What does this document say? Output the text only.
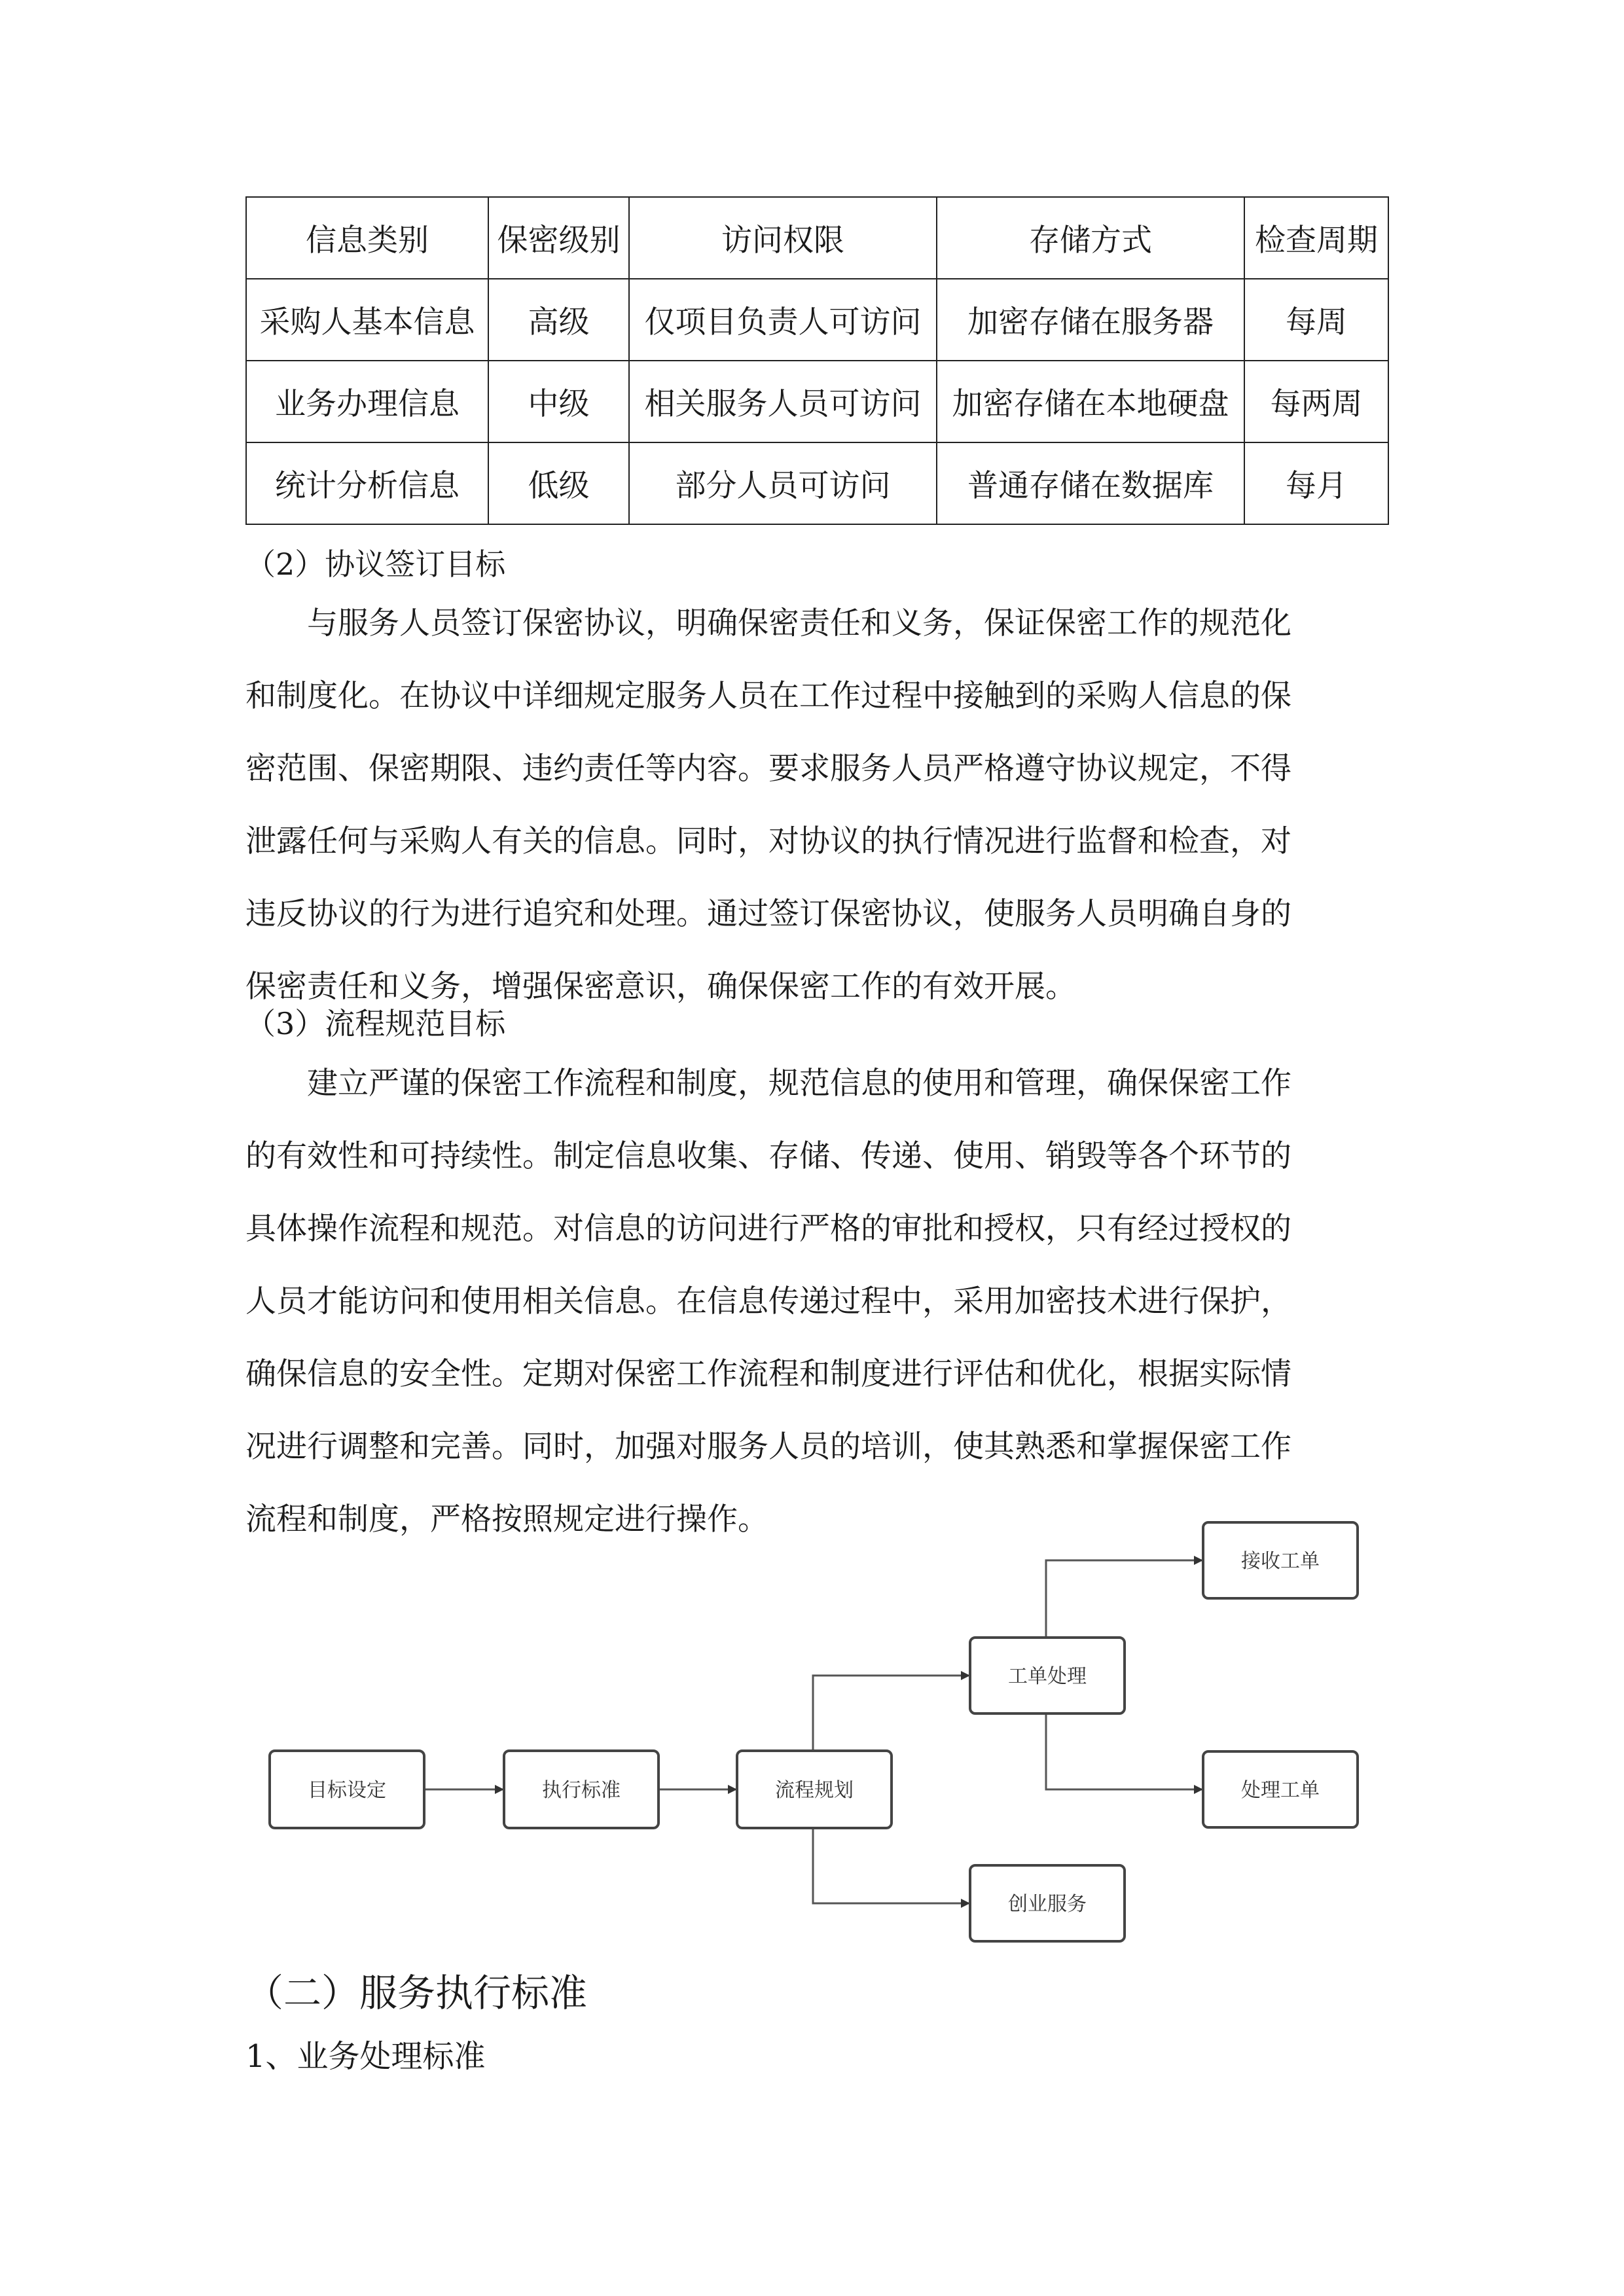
信息类别	保密级别	访问权限	存储方式	检查周期
采购人基本信息	高级	仅项目负责人可访问	加密存储在服务器	每周
业务办理信息	中级	相关服务人员可访问	加密存储在本地硬盘	每两周
统计分析信息	低级	部分人员可访问	普通存储在数据库	每月
（2）协议签订目标
与服务人员签订保密协议，明确保密责任和义务，保证保密工作的规范化
和制度化。在协议中详细规定服务人员在工作过程中接触到的采购人信息的保
密范围、保密期限、违约责任等内容。要求服务人员严格遵守协议规定，不得
泄露任何与采购人有关的信息。同时，对协议的执行情况进行监督和检查，对
违反协议的行为进行追究和处理。通过签订保密协议，使服务人员明确自身的
保密责任和义务，增强保密意识，确保保密工作的有效开展。
（3）流程规范目标
建立严谨的保密工作流程和制度，规范信息的使用和管理，确保保密工作
的有效性和可持续性。制定信息收集、存储、传递、使用、销毁等各个环节的
具体操作流程和规范。对信息的访问进行严格的审批和授权，只有经过授权的
人员才能访问和使用相关信息。在信息传递过程中，采用加密技术进行保护，
确保信息的安全性。定期对保密工作流程和制度进行评估和优化，根据实际情
况进行调整和完善。同时，加强对服务人员的培训，使其熟悉和掌握保密工作
流程和制度，严格按照规定进行操作。
目标设定	执行标准	流程规划
工单处理
接收工单
处理工单
创业服务
（二）服务执行标准
1、业务处理标准
